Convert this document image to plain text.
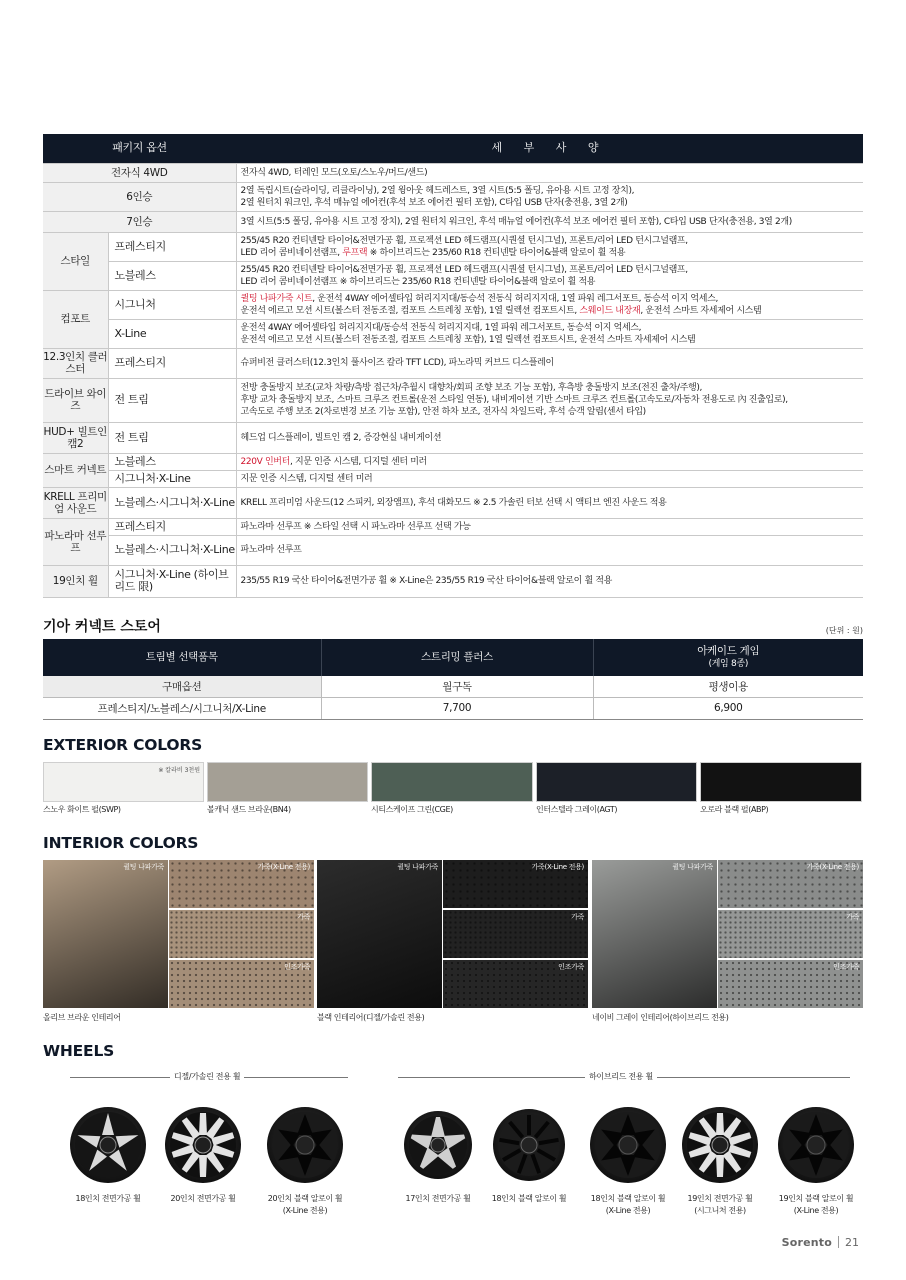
패키지 옵션		세 부 사 양
전자식 4WD		전자식 4WD, 터레인 모드(오토/스노우/머드/샌드)
6인승		2열 독립시트(슬라이딩, 리클라이닝), 2열 윙아웃 헤드레스트, 3열 시트(5:5 폴딩, 유아용 시트 고정 장치),
2열 원터치 워크인, 후석 매뉴얼 에어컨(후석 보조 에어컨 필터 포함), C타입 USB 단자(충전용, 3열 2개)

7인승		3열 시트(5:5 폴딩, 유아용 시트 고정 장치), 2열 원터치 워크인, 후석 매뉴얼 에어컨(후석 보조 에어컨 필터 포함), C타입 USB 단자(충전용, 3열 2개)
스타일	프레스티지	255/45 R20 컨티넨탈 타이어&전면가공 휠, 프로젝션 LED 헤드램프(시퀀셜 턴시그널), 프론트/리어 LED 턴시그널램프,
LED 리어 콤비네이션램프, 루프랙 ※ 하이브리드는 235/60 R18 컨티넨탈 타이어&블랙 알로이 휠 적용

	노블레스	255/45 R20 컨티넨탈 타이어&전면가공 휠, 프로젝션 LED 헤드램프(시퀀셜 턴시그널), 프론트/리어 LED 턴시그널램프,
LED 리어 콤비네이션램프 ※ 하이브리드는 235/60 R18 컨티넨탈 타이어&블랙 알로이 휠 적용

컴포트	시그니처	퀼팅 나파가죽 시트, 운전석 4WAY 에어셀타입 허리지지대/동승석 전동식 허리지지대, 1열 파워 레그서포트, 동승석 이지 억세스,
운전석 에르고 모션 시트(볼스터 전동조절, 컴포트 스트레칭 포함), 1열 릴렉션 컴포트시트, 스웨이드 내장재, 운전석 스마트 자세제어 시스템

	X-Line	운전석 4WAY 에어셀타입 허리지지대/동승석 전동식 허리지지대, 1열 파워 레그서포트, 동승석 이지 억세스,
운전석 에르고 모션 시트(볼스터 전동조절, 컴포트 스트레칭 포함), 1열 릴렉션 컴포트시트, 운전석 스마트 자세제어 시스템

12.3인치 클러스터	프레스티지	슈퍼비전 클러스터(12.3인치 풀사이즈 칼라 TFT LCD), 파노라믹 커브드 디스플레이
드라이브 와이즈	전 트림	전방 충돌방지 보조(교차 차량/측방 접근차/추월시 대향차/회피 조향 보조 기능 포함), 후측방 충돌방지 보조(전진 출차/주행),
후방 교차 충돌방지 보조, 스마트 크루즈 컨트롤(운전 스타일 연동), 내비게이션 기반 스마트 크루즈 컨트롤(고속도로/자동차 전용도로 內 진출입로),
고속도로 주행 보조 2(차로변경 보조 기능 포함), 안전 하차 보조, 전자식 차일드락, 후석 승객 알림(센서 타입)

HUD+ 빌트인 캠2	전 트림	헤드업 디스플레이, 빌트인 캠 2, 증강현실 내비게이션
스마트 커넥트	노블레스	220V 인버터, 지문 인증 시스템, 디지털 센터 미러
	시그니처·X-Line	지문 인증 시스템, 디지털 센터 미러
KRELL 프리미엄 사운드	노블레스·시그니처·X-Line	KRELL 프리미엄 사운드(12 스피커, 외장앰프), 후석 대화모드 ※ 2.5 가솔린 터보 선택 시 액티브 엔진 사운드 적용
파노라마 선루프	프레스티지	파노라마 선루프 ※ 스타일 선택 시 파노라마 선루프 선택 가능
	노블레스·시그니처·X-Line	파노라마 선루프
19인치 휠	시그니처·X-Line (하이브리드 限)	235/55 R19 국산 타이어&전면가공 휠 ※ X-Line은 235/55 R19 국산 타이어&블랙 알로이 휠 적용
기아 커넥트 스토어	(단위 : 원)
트림별 선택품목	스트리밍 플러스	아케이드 게임
(게임 8종)

구매옵션	월구독	평생이용
프레스티지/노블레스/시그니처/X-Line	7,700	6,900
EXTERIOR COLORS
※ 칼라비 3천원
스노우 화이트 펄(SWP)	볼캐닉 샌드 브라운(BN4)	시티스케이프 그린(CGE)	인터스텔라 그레이(AGT)	오로라 블랙 펄(ABP)
INTERIOR COLORS
퀼팅 나파가죽	가죽(X-Line 전용)
가죽
인조가죽
퀼팅 나파가죽	가죽(X-Line 전용)
가죽
인조가죽
퀼팅 나파가죽	가죽(X-Line 전용)
가죽
인조가죽
올리브 브라운 인테리어	블랙 인테리어(디젤/가솔린 전용)	네이비 그레이 인테리어(하이브리드 전용)
WHEELS
디젤/가솔린 전용 휠	하이브리드 전용 휠
18인치 전면가공 휠	20인치 전면가공 휠	20인치 블랙 알로이 휠
(X-Line 전용)
17인치 전면가공 휠	18인치 블랙 알로이 휠	18인치 블랙 알로이 휠
(X-Line 전용)
19인치 전면가공 휠
(시그니처 전용)
19인치 블랙 알로이 휠
(X-Line 전용)
Sorento 21
